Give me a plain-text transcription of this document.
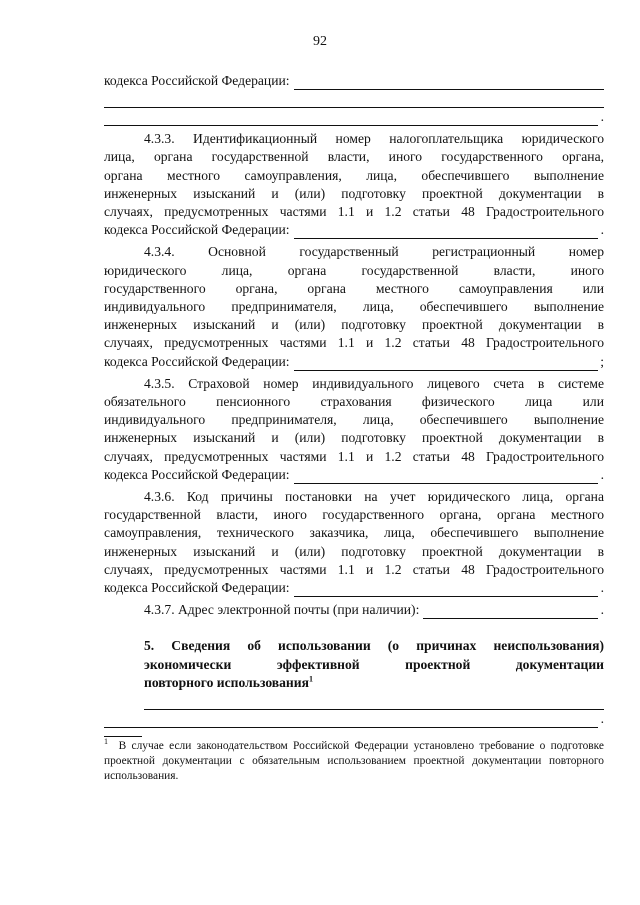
92
кодекса Российской Федерации:
.
4.3.3. Идентификационный номер налогоплательщика юридического
лица, органа государственной власти, иного государственного органа,
органа местного самоуправления, лица, обеспечившего выполнение
инженерных изысканий и (или) подготовку проектной документации в
случаях, предусмотренных частями 1.1 и 1.2 статьи 48 Градостроительного
кодекса Российской Федерации:	.
4.3.4. Основной государственный регистрационный номер
юридического лица, органа государственной власти, иного
государственного органа, органа местного самоуправления или
индивидуального предпринимателя, лица, обеспечившего выполнение
инженерных изысканий и (или) подготовку проектной документации в
случаях, предусмотренных частями 1.1 и 1.2 статьи 48 Градостроительного
кодекса Российской Федерации:	;
4.3.5. Страховой номер индивидуального лицевого счета в системе
обязательного пенсионного страхования физического лица или
индивидуального предпринимателя, лица, обеспечившего выполнение
инженерных изысканий и (или) подготовку проектной документации в
случаях, предусмотренных частями 1.1 и 1.2 статьи 48 Градостроительного
кодекса Российской Федерации:	.
4.3.6. Код причины постановки на учет юридического лица, органа
государственной власти, иного государственного органа, органа местного
самоуправления, технического заказчика, лица, обеспечившего выполнение
инженерных изысканий и (или) подготовку проектной документации в
случаях, предусмотренных частями 1.1 и 1.2 статьи 48 Градостроительного
кодекса Российской Федерации:	.
4.3.7. Адрес электронной почты (при наличии):	.
5. Сведения об использовании (о причинах неиспользования)
экономически эффективной проектной документации
повторного использования$^1$
.
$^1$ В случае если законодательством Российской Федерации установлено требование о подготовке проектной документации с обязательным использованием проектной документации повторного использования.
